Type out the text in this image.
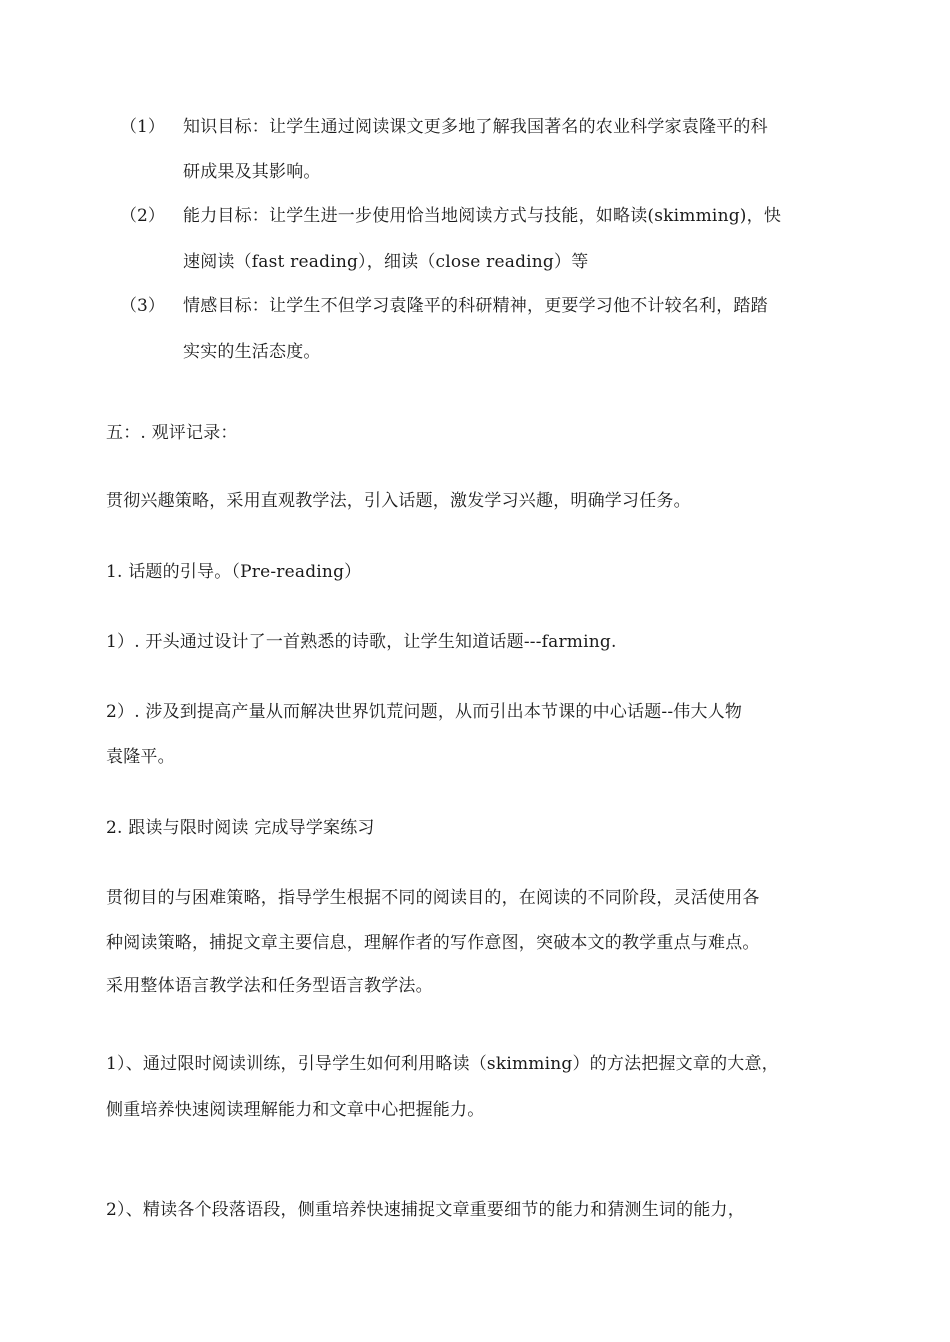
（1） 知识目标：让学生通过阅读课文更多地了解我国著名的农业科学家袁隆平的科
研成果及其影响。
（2） 能力目标：让学生进一步使用恰当地阅读方式与技能，如略读(skimming)，快
速阅读（fast reading），细读（close reading）等
（3） 情感目标：让学生不但学习袁隆平的科研精神，更要学习他不计较名利，踏踏
实实的生活态度。
五：. 观评记录：
贯彻兴趣策略，采用直观教学法，引入话题，激发学习兴趣，明确学习任务。
1. 话题的引导。（Pre-reading）
1）. 开头通过设计了一首熟悉的诗歌，让学生知道话题---farming.
2）. 涉及到提高产量从而解决世界饥荒问题，从而引出本节课的中心话题--伟大人物
袁隆平。
2. 跟读与限时阅读 完成导学案练习
贯彻目的与困难策略，指导学生根据不同的阅读目的，在阅读的不同阶段，灵活使用各
种阅读策略，捕捉文章主要信息，理解作者的写作意图，突破本文的教学重点与难点。
采用整体语言教学法和任务型语言教学法。
1）、通过限时阅读训练，引导学生如何利用略读（skimming）的方法把握文章的大意，
侧重培养快速阅读理解能力和文章中心把握能力。
2）、精读各个段落语段，侧重培养快速捕捉文章重要细节的能力和猜测生词的能力，
